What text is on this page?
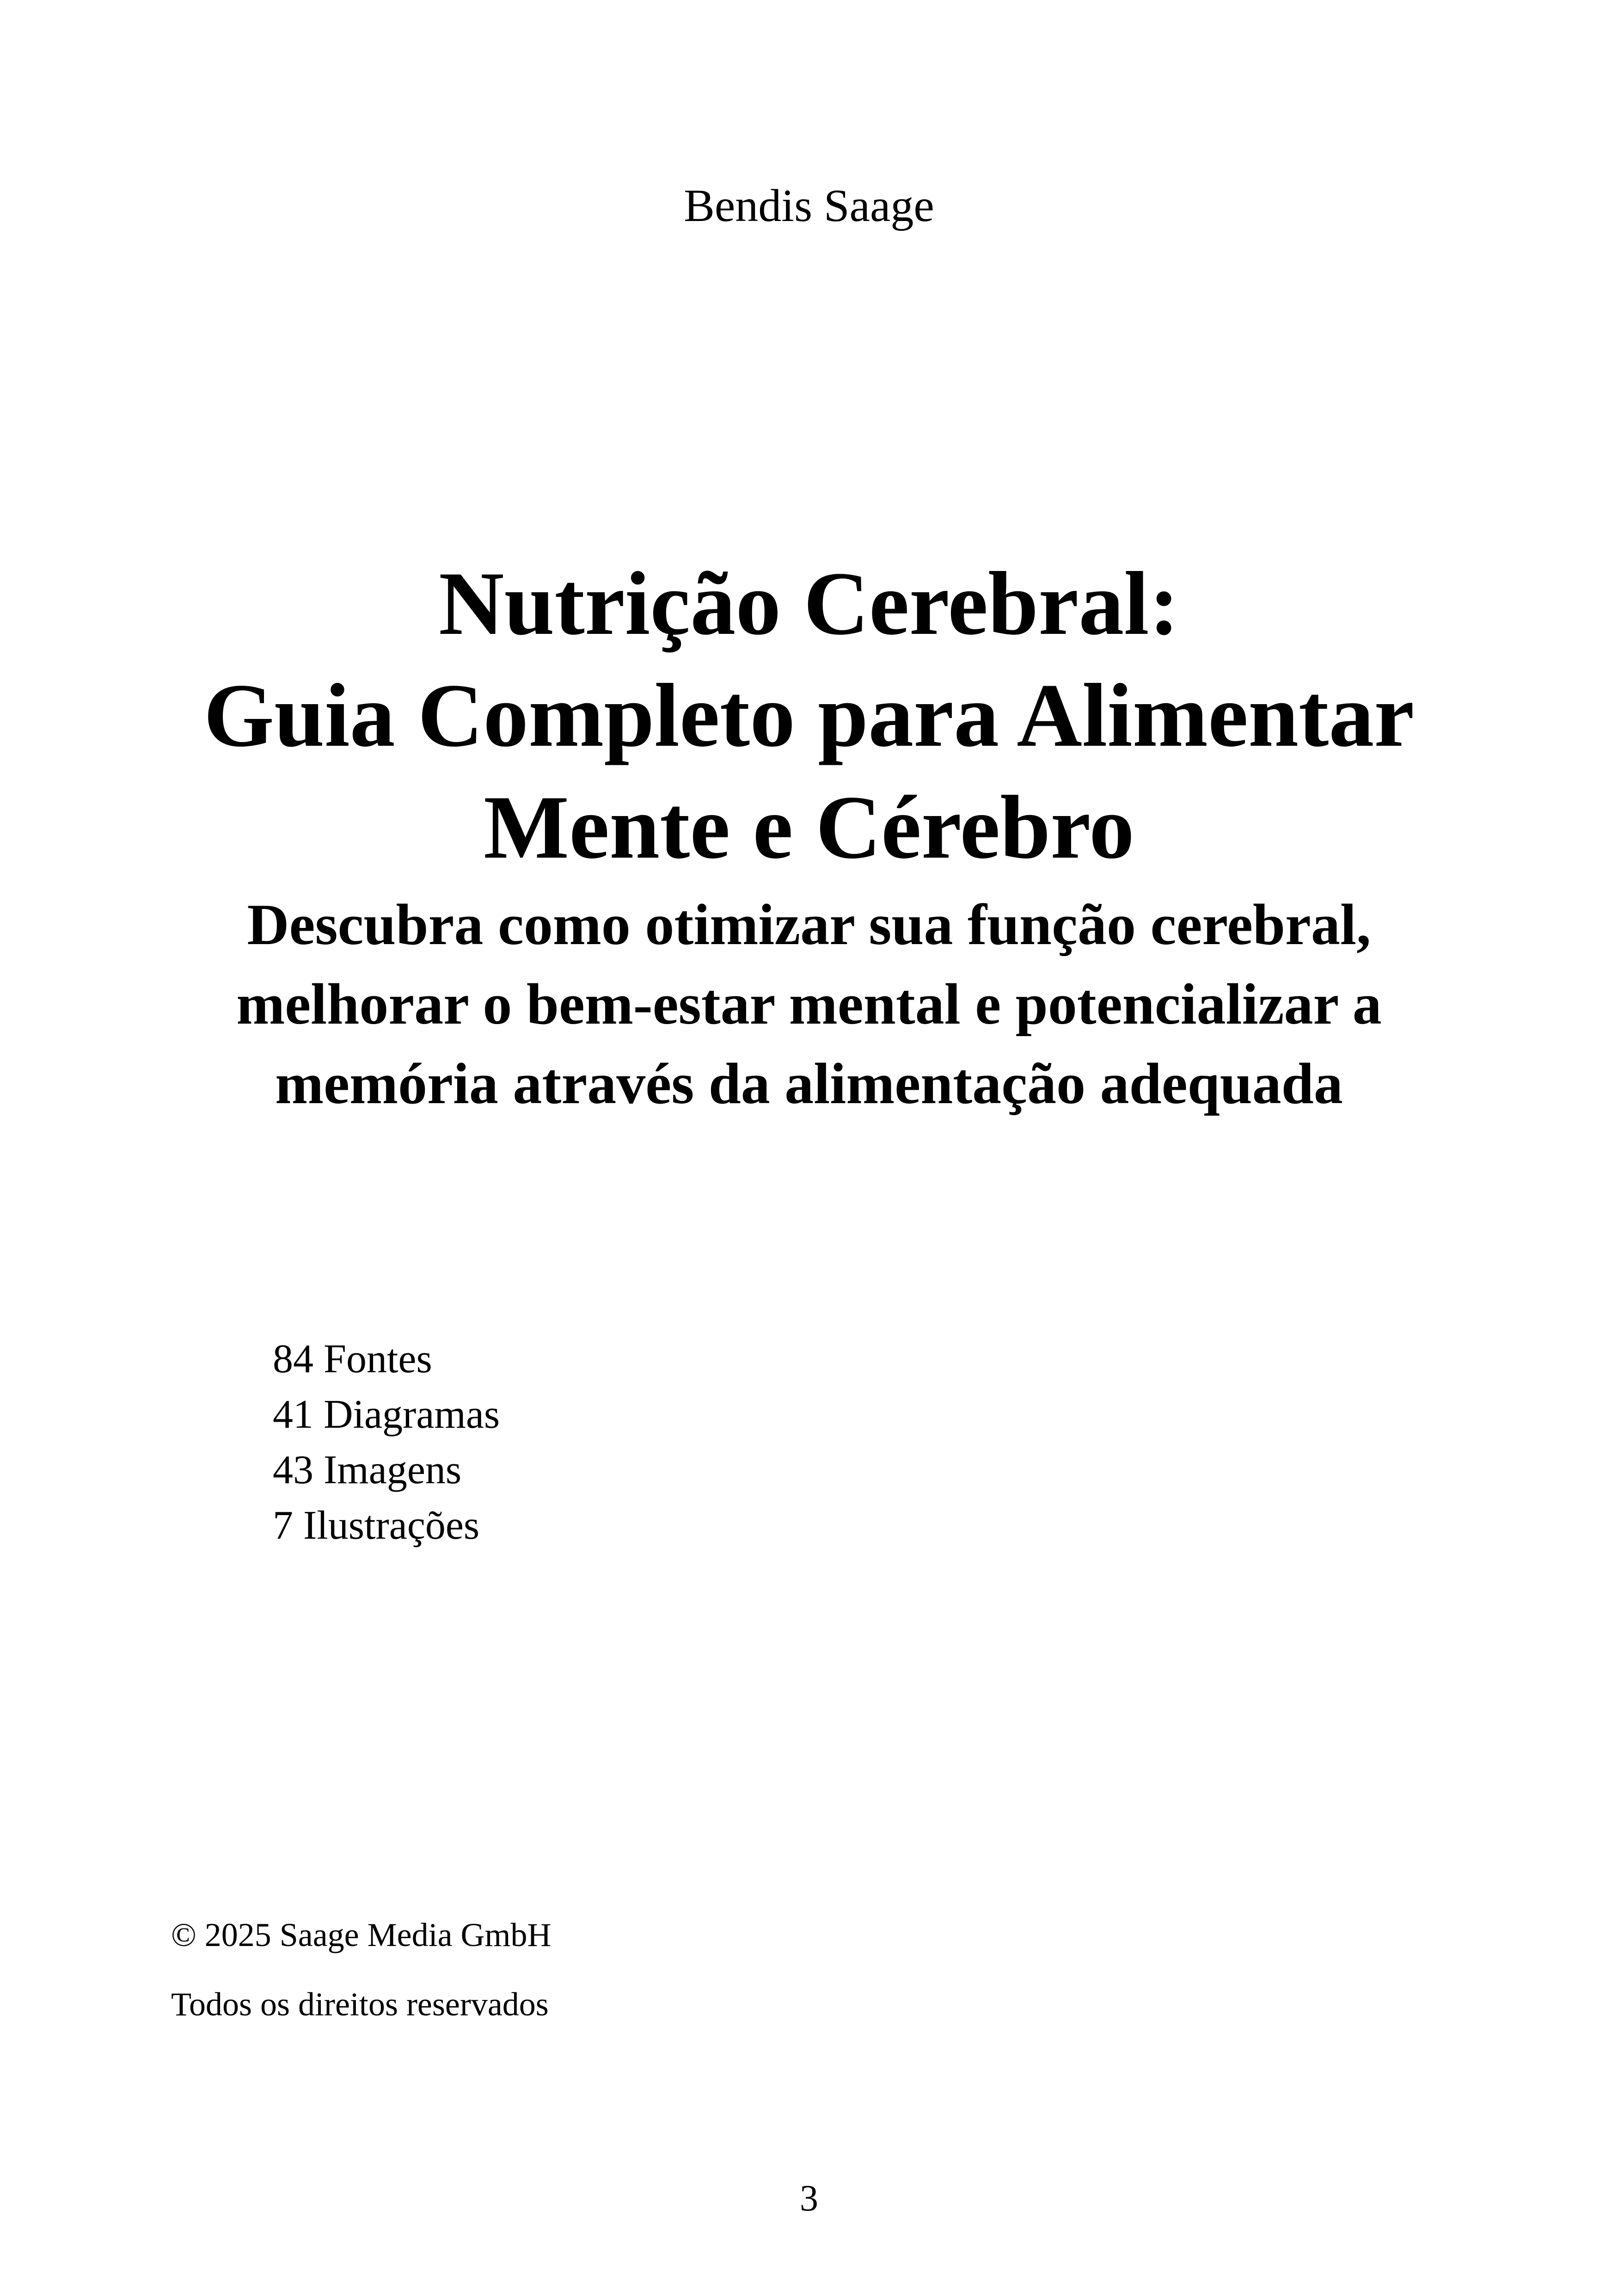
Bendis Saage
Nutrição Cerebral:
Guia Completo para Alimentar
Mente e Cérebro
Descubra como otimizar sua função cerebral,
melhorar o bem-estar mental e potencializar a
memória através da alimentação adequada
84 Fontes
41 Diagramas
43 Imagens
7 Ilustrações
© 2025 Saage Media GmbH
Todos os direitos reservados
3
